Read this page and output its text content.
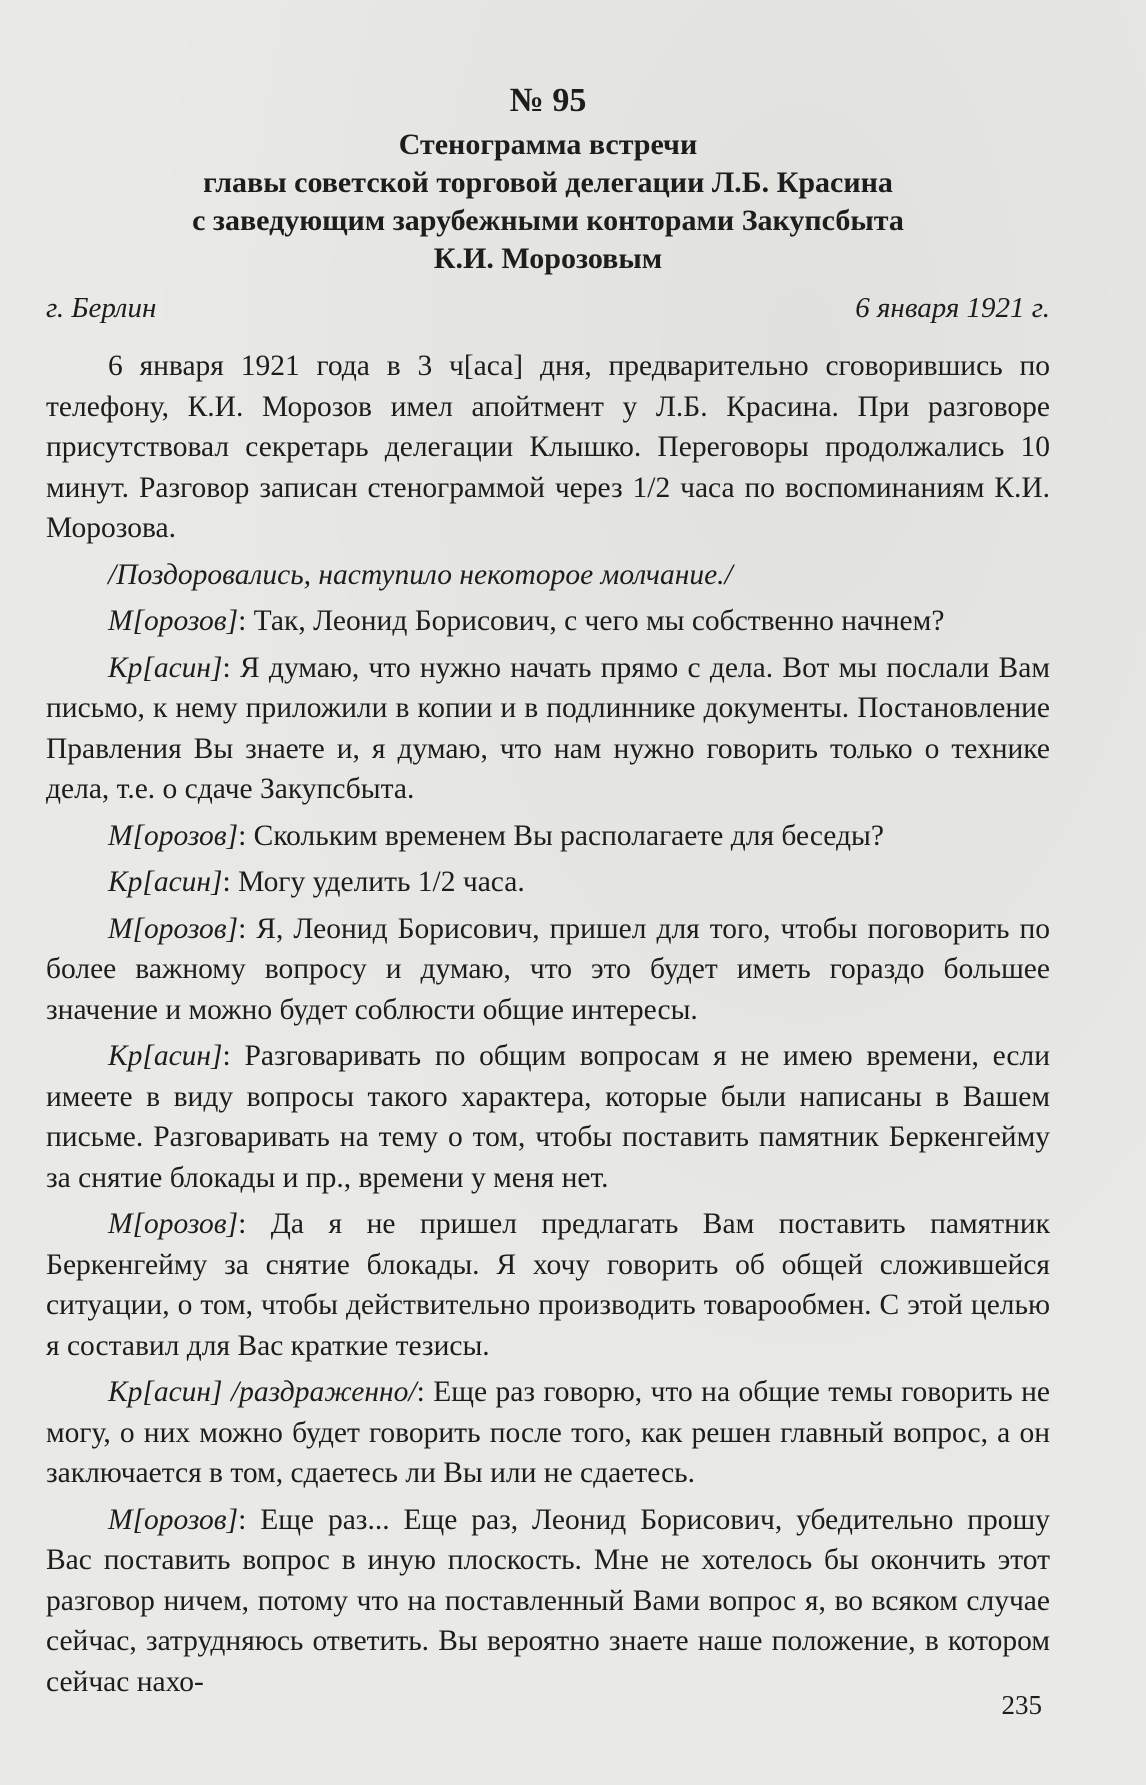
№ 95
Стенограмма встречи
главы советской торговой делегации Л.Б. Красина
с заведующим зарубежными конторами Закупсбыта
К.И. Морозовым
г. Берлин	6 января 1921 г.

6 января 1921 года в 3 ч[аса] дня, предварительно сговорившись по телефону, К.И. Морозов имел апойтмент у Л.Б. Красина. При разговоре присутствовал секретарь делегации Клышко. Переговоры продолжались 10 минут. Разговор записан стенограммой через 1/2 часа по воспоминаниям К.И. Морозова.

/Поздоровались, наступило некоторое молчание./

М[орозов]: Так, Леонид Борисович, с чего мы собственно начнем?

Кр[асин]: Я думаю, что нужно начать прямо с дела. Вот мы послали Вам письмо, к нему приложили в копии и в подлиннике документы. Постановление Правления Вы знаете и, я думаю, что нам нужно говорить только о технике дела, т.е. о сдаче Закупсбыта.

М[орозов]: Скольким временем Вы располагаете для беседы?

Кр[асин]: Могу уделить 1/2 часа.

М[орозов]: Я, Леонид Борисович, пришел для того, чтобы поговорить по более важному вопросу и думаю, что это будет иметь гораздо большее значение и можно будет соблюсти общие интересы.

Кр[асин]: Разговаривать по общим вопросам я не имею времени, если имеете в виду вопросы такого характера, которые были написаны в Вашем письме. Разговаривать на тему о том, чтобы поставить памятник Беркенгейму за снятие блокады и пр., времени у меня нет.

М[орозов]: Да я не пришел предлагать Вам поставить памятник Беркенгейму за снятие блокады. Я хочу говорить об общей сложившейся ситуации, о том, чтобы действительно производить товарообмен. С этой целью я составил для Вас краткие тезисы.

Кр[асин] /раздраженно/: Еще раз говорю, что на общие темы говорить не могу, о них можно будет говорить после того, как решен главный вопрос, а он заключается в том, сдаетесь ли Вы или не сдаетесь.

М[орозов]: Еще раз... Еще раз, Леонид Борисович, убедительно прошу Вас поставить вопрос в иную плоскость. Мне не хотелось бы окончить этот разговор ничем, потому что на поставленный Вами вопрос я, во всяком случае сейчас, затрудняюсь ответить. Вы вероятно знаете наше положение, в котором сейчас нахо-

235
